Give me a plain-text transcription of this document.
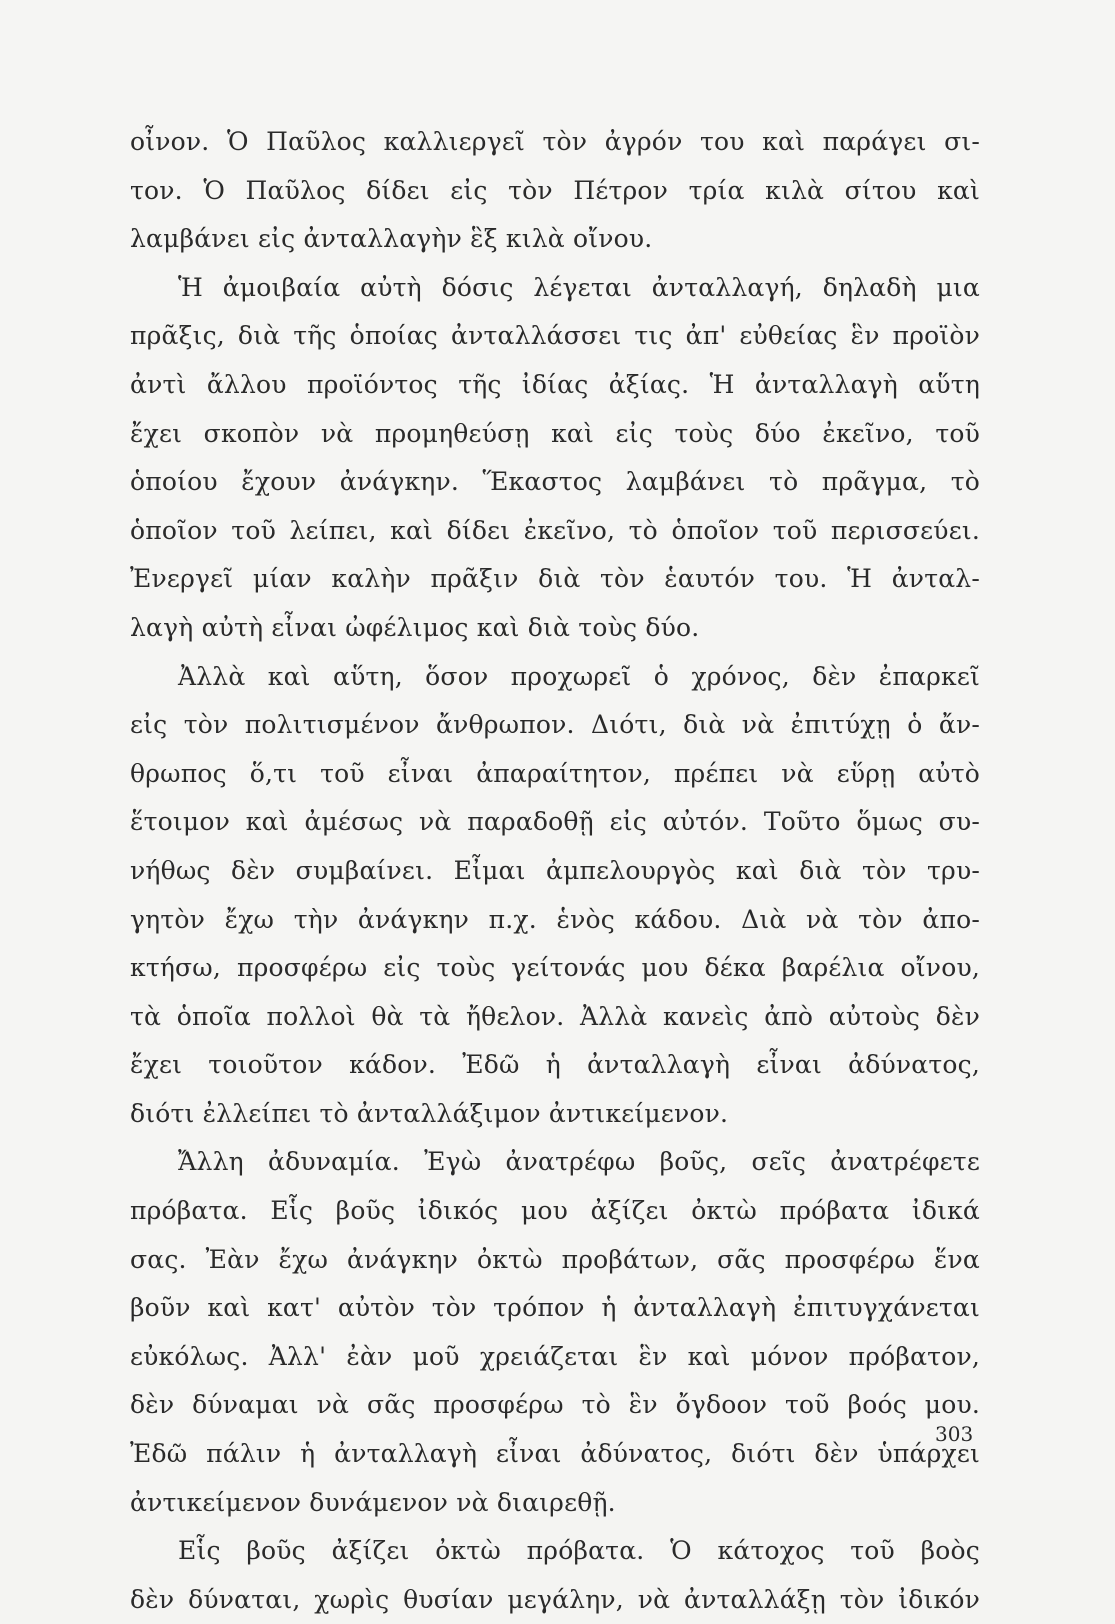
οἶνον. Ὁ Παῦλος καλλιεργεῖ τὸν ἀγρόν του καὶ παράγει σι-
τον. Ὁ Παῦλος δίδει εἰς τὸν Πέτρον τρία κιλὰ σίτου καὶ
λαμβάνει εἰς ἀνταλλαγὴν ἓξ κιλὰ οἴνου.
Ἡ ἀμοιβαία αὐτὴ δόσις λέγεται ἀνταλλαγή, δηλαδὴ μια
πρᾶξις, διὰ τῆς ὁποίας ἀνταλλάσσει τις ἀπ' εὐθείας ἓν προϊὸν
ἀντὶ ἄλλου προϊόντος τῆς ἰδίας ἀξίας. Ἡ ἀνταλλαγὴ αὕτη
ἔχει σκοπὸν νὰ προμηθεύσῃ καὶ εἰς τοὺς δύο ἐκεῖνο, τοῦ
ὁποίου ἔχουν ἀνάγκην. Ἕκαστος λαμβάνει τὸ πρᾶγμα, τὸ
ὁποῖον τοῦ λείπει, καὶ δίδει ἐκεῖνο, τὸ ὁποῖον τοῦ περισσεύει.
Ἐνεργεῖ μίαν καλὴν πρᾶξιν διὰ τὸν ἑαυτόν του. Ἡ ἀνταλ-
λαγὴ αὐτὴ εἶναι ὠφέλιμος καὶ διὰ τοὺς δύο.
Ἀλλὰ καὶ αὕτη, ὅσον προχωρεῖ ὁ χρόνος, δὲν ἐπαρκεῖ
εἰς τὸν πολιτισμένον ἄνθρωπον. Διότι, διὰ νὰ ἐπιτύχῃ ὁ ἄν-
θρωπος ὅ,τι τοῦ εἶναι ἀπαραίτητον, πρέπει νὰ εὕρῃ αὐτὸ
ἕτοιμον καὶ ἀμέσως νὰ παραδοθῇ εἰς αὐτόν. Τοῦτο ὅμως συ-
νήθως δὲν συμβαίνει. Εἶμαι ἀμπελουργὸς καὶ διὰ τὸν τρυ-
γητὸν ἔχω τὴν ἀνάγκην π.χ. ἑνὸς κάδου. Διὰ νὰ τὸν ἀπο-
κτήσω, προσφέρω εἰς τοὺς γείτονάς μου δέκα βαρέλια οἴνου,
τὰ ὁποῖα πολλοὶ θὰ τὰ ἤθελον. Ἀλλὰ κανεὶς ἀπὸ αὐτοὺς δὲν
ἔχει τοιοῦτον κάδον. Ἐδῶ ἡ ἀνταλλαγὴ εἶναι ἀδύνατος,
διότι ἐλλείπει τὸ ἀνταλλάξιμον ἀντικείμενον.
Ἄλλη ἀδυναμία. Ἐγὼ ἀνατρέφω βοῦς, σεῖς ἀνατρέφετε
πρόβατα. Εἷς βοῦς ἰδικός μου ἀξίζει ὀκτὼ πρόβατα ἰδικά
σας. Ἐὰν ἔχω ἀνάγκην ὀκτὼ προβάτων, σᾶς προσφέρω ἕνα
βοῦν καὶ κατ' αὐτὸν τὸν τρόπον ἡ ἀνταλλαγὴ ἐπιτυγχάνεται
εὐκόλως. Ἀλλ' ἐὰν μοῦ χρειάζεται ἓν καὶ μόνον πρόβατον,
δὲν δύναμαι νὰ σᾶς προσφέρω τὸ ἓν ὄγδοον τοῦ βοός μου.
Ἐδῶ πάλιν ἡ ἀνταλλαγὴ εἶναι ἀδύνατος, διότι δὲν ὑπάρχει
ἀντικείμενον δυνάμενον νὰ διαιρεθῇ.
Εἷς βοῦς ἀξίζει ὀκτὼ πρόβατα. Ὁ κάτοχος τοῦ βοὸς
δὲν δύναται, χωρὶς θυσίαν μεγάλην, νὰ ἀνταλλάξῃ τὸν ἰδικόν
303
